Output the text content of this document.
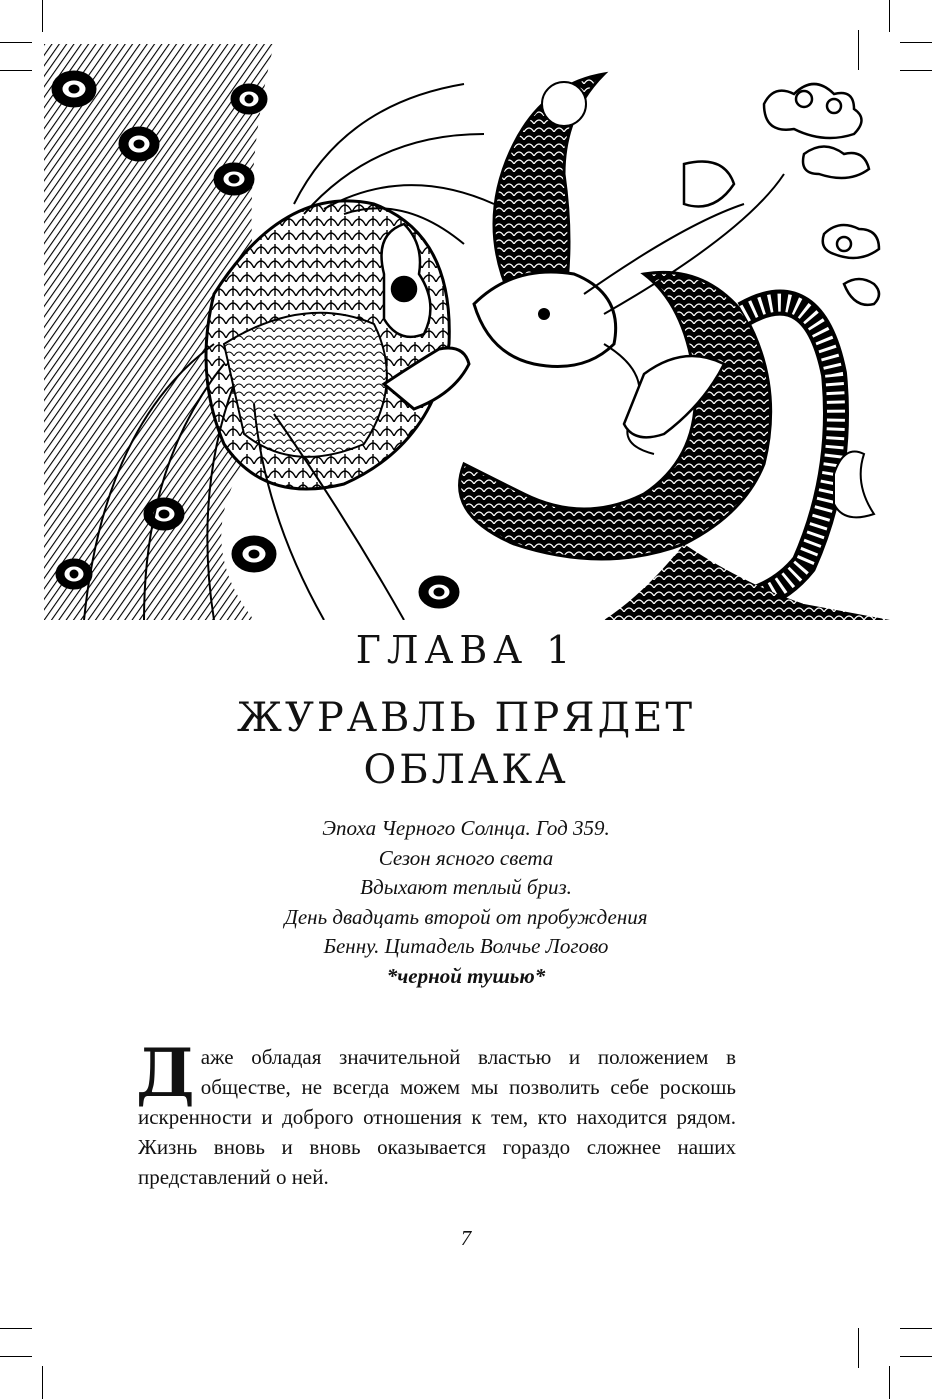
ГЛАВА 1
ЖУРАВЛЬ ПРЯДЕТ
ОБЛАКА
Эпоха Черного Солнца. Год 359.
Сезон ясного света
Вдыхают теплый бриз.
День двадцать второй от пробуждения
Бенну. Цитадель Волчье Логово
*черной тушью*
Даже обладая значительной властью и положением в обществе, не всегда можем мы позволить себе роскошь искренности и доброго отношения к тем, кто находится рядом. Жизнь вновь и вновь оказывается гораздо сложнее наших представлений о ней.
7
